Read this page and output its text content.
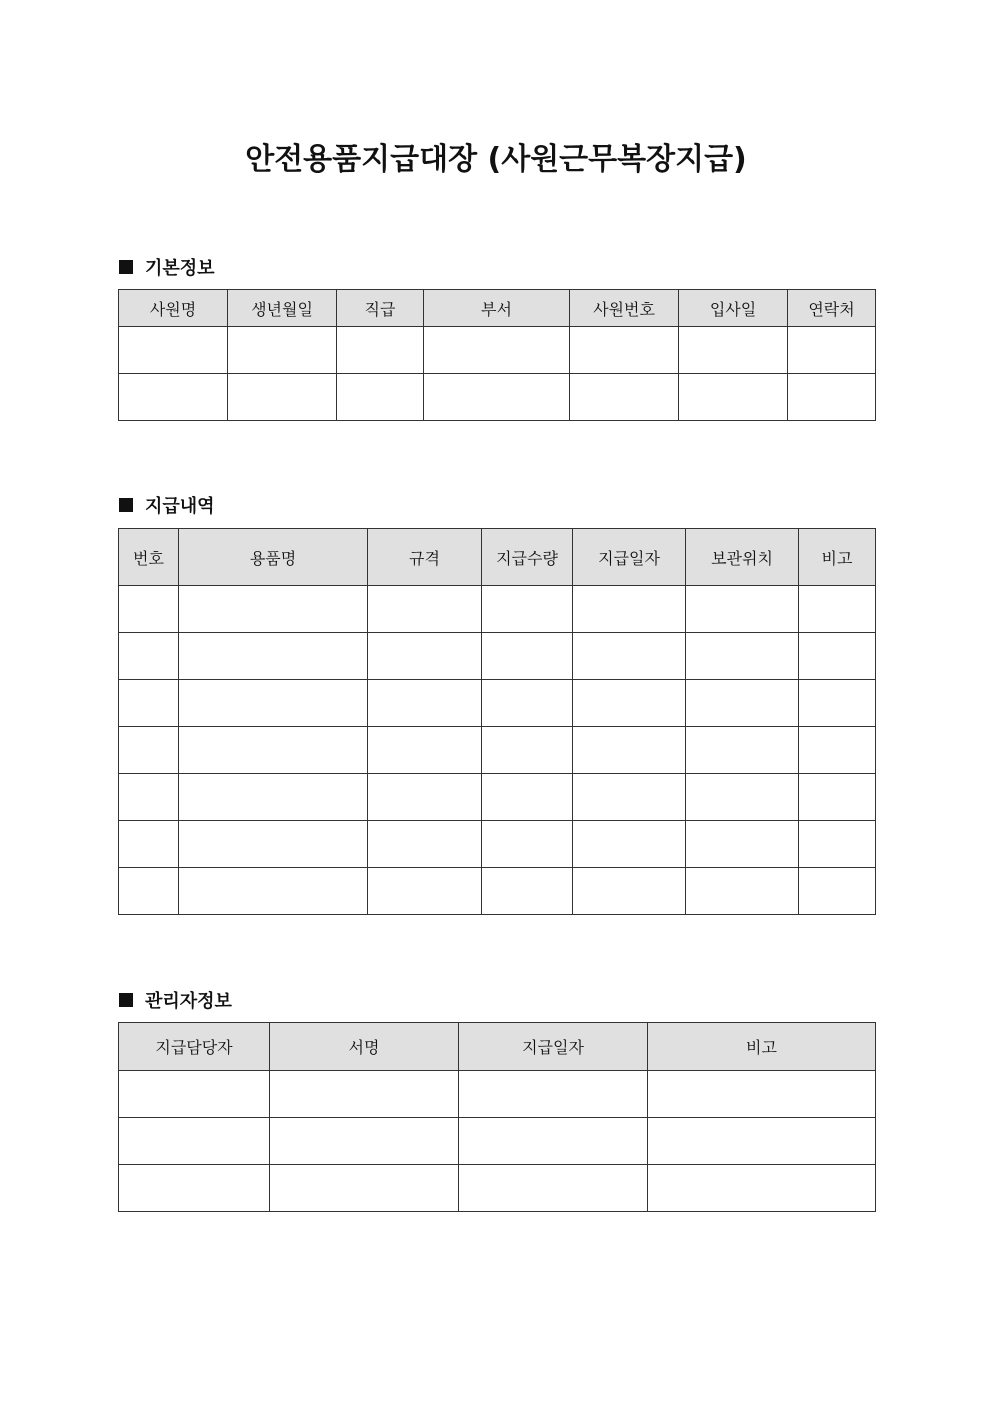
안전용품지급대장 (사원근무복장지급)
기본정보
사원명	생년월일	직급	부서	사원번호	입사일	연락처

지급내역
번호	용품명	규격	지급수량	지급일자	보관위치	비고

관리자정보
지급담당자	서명	지급일자	비고
